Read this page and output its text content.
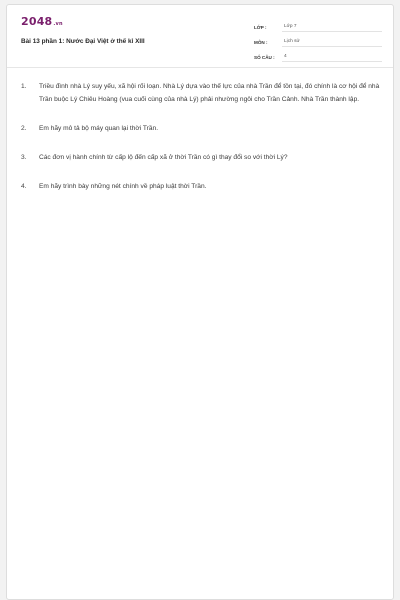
2048.vn
Bài 13 phần 1: Nước Đại Việt ở thế kỉ XIII
LỚP :	Lớp 7
MÔN :	Lịch sử
SỐ CÂU :	4
1.	Triều đình nhà Lý suy yếu, xã hội rối loạn. Nhà Lý dựa vào thế lực của nhà Trần để tồn tại, đó chính là cơ hội để nhà Trần buộc Lý Chiêu Hoàng (vua cuối cùng của nhà Lý) phải nhường ngôi cho Trần Cảnh. Nhà Trần thành lập.
2.	Em hãy mô tả bộ máy quan lại thời Trần.
3.	Các đơn vị hành chính từ cấp lộ đến cấp xã ở thời Trần có gì thay đổi so với thời Lý?
4.	Em hãy trình bày những nét chính về pháp luật thời Trần.
